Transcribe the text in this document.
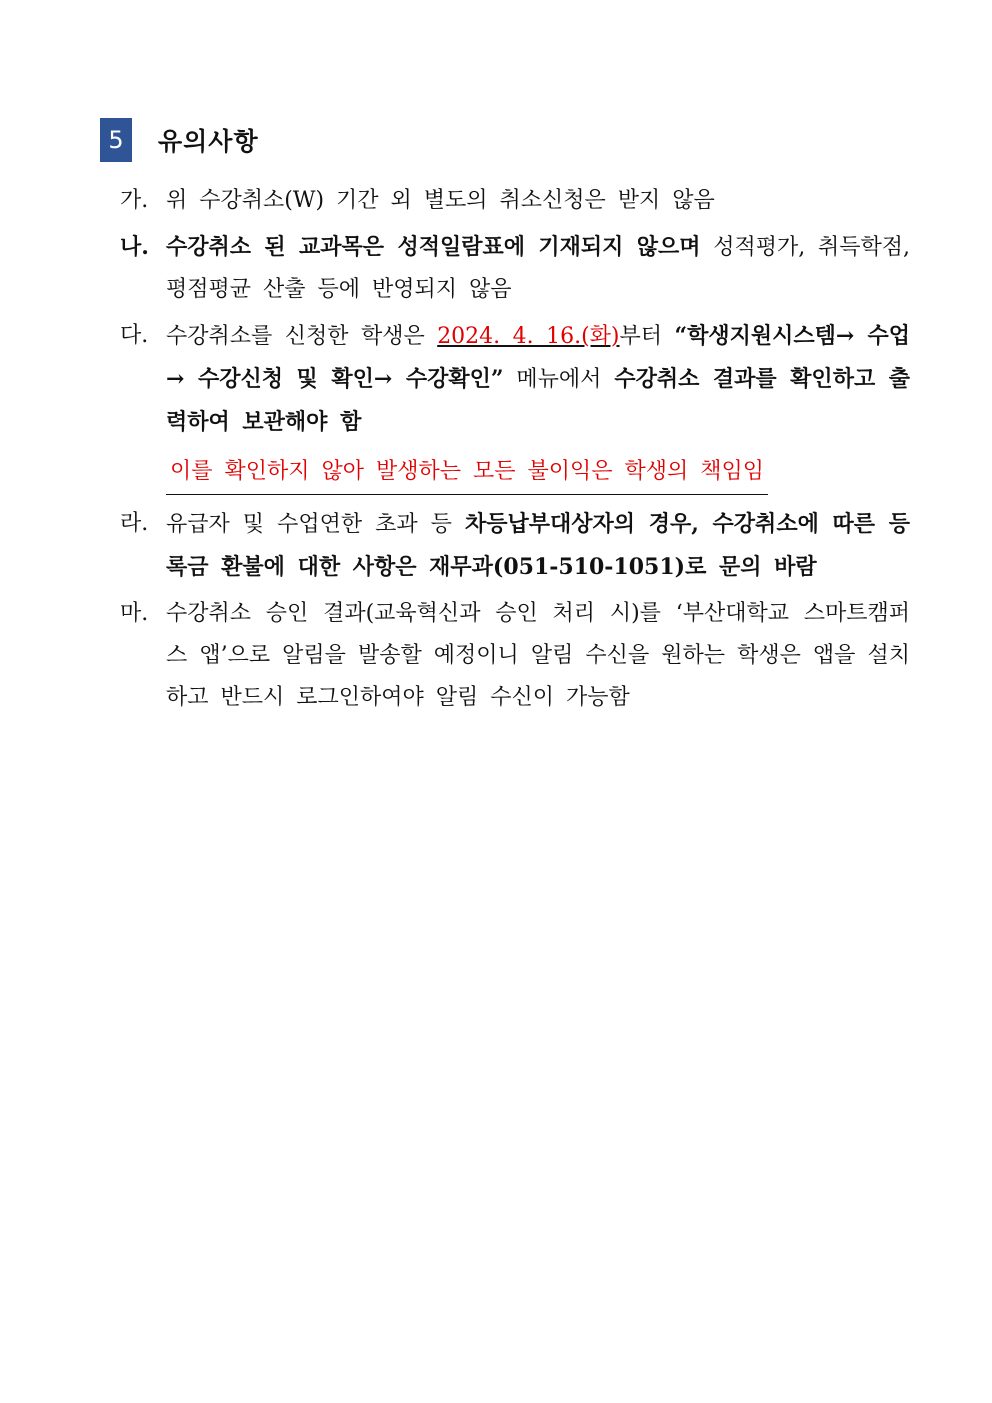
5	유의사항
가. 위 수강취소(W) 기간 외 별도의 취소신청은 받지 않음
나. 수강취소 된 교과목은 성적일람표에 기재되지 않으며 성적평가, 취득학점, 평점평균 산출 등에 반영되지 않음
다. 수강취소를 신청한 학생은 2024. 4. 16.(화)부터 “학생지원시스템→ 수업→ 수강신청 및 확인→ 수강확인” 메뉴에서 수강취소 결과를 확인하고 출력하여 보관해야 함
이를 확인하지 않아 발생하는 모든 불이익은 학생의 책임임
라. 유급자 및 수업연한 초과 등 차등납부대상자의 경우, 수강취소에 따른 등록금 환불에 대한 사항은 재무과(051-510-1051)로 문의 바람
마. 수강취소 승인 결과(교육혁신과 승인 처리 시)를 ‘부산대학교 스마트캠퍼스 앱’으로 알림을 발송할 예정이니 알림 수신을 원하는 학생은 앱을 설치하고 반드시 로그인하여야 알림 수신이 가능함
